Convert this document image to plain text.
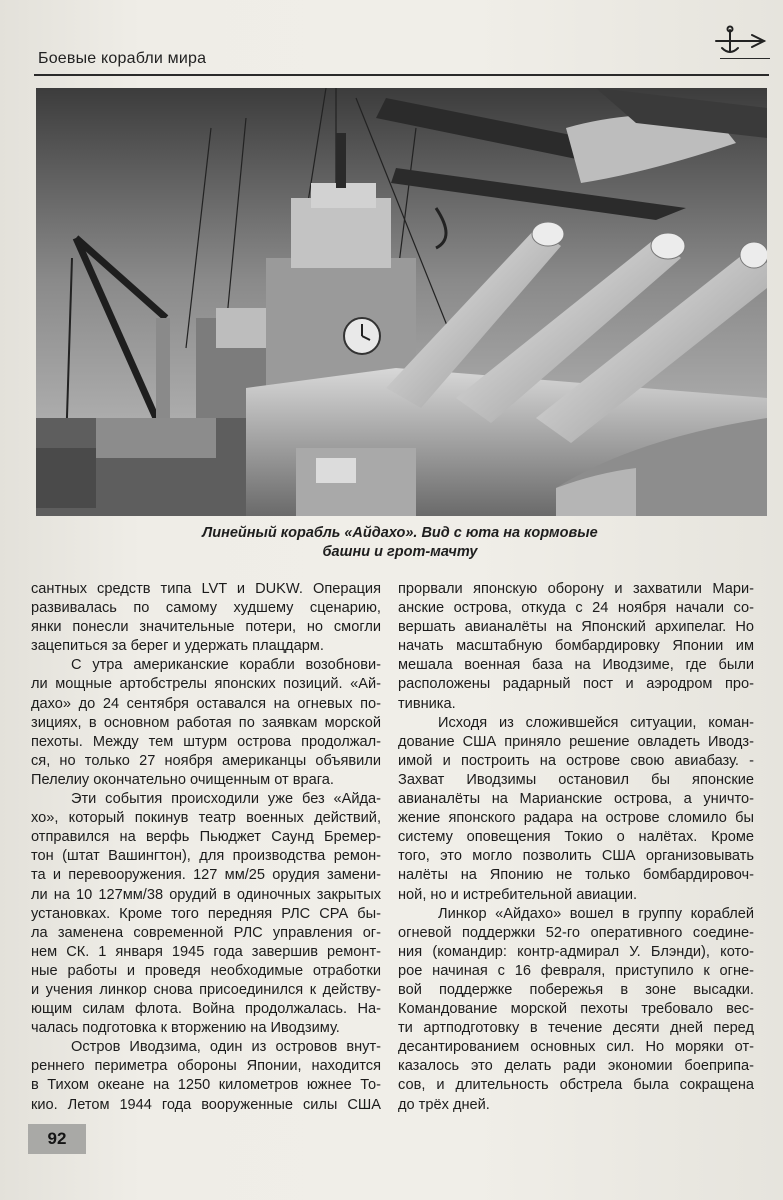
Боевые корабли мира
Линейный корабль «Айдахо». Вид с юта на кормовые
башни и грот-мачту

сантных средств типа LVT и DUKW. Операция

развивалась по самому худшему сценарию,

янки понесли значительные потери, но смогли

зацепиться за берег и удержать плацдарм.

С утра американские корабли возобнови-

ли мощные артобстрелы японских позиций. «Ай-

дахо» до 24 сентября оставался на огневых по-

зициях, в основном работая по заявкам морской

пехоты. Между тем штурм острова продолжал-

ся, но только 27 ноября американцы объявили

Пелелиу окончательно очищенным от врага.

Эти события происходили уже без «Айда-

хо», который покинув театр военных действий,

отправился на верфь Пьюджет Саунд Бремер-

тон (штат Вашингтон), для производства ремон-

та и перевооружения. 127 мм/25 орудия замени-

ли на 10 127мм/38 орудий в одиночных закрытых

установках. Кроме того передняя РЛС СРА бы-

ла заменена современной РЛС управления ог-

нем СК. 1 января 1945 года завершив ремонт-

ные работы и проведя необходимые отработки

и учения линкор снова присоединился к действу-

ющим силам флота. Война продолжалась. На-

чалась подготовка к вторжению на Иводзиму.

Остров Иводзима, один из островов внут-

реннего периметра обороны Японии, находится

в Тихом океане на 1250 километров южнее То-

кио. Летом 1944 года вооруженные силы США

прорвали японскую оборону и захватили Мари-

анские острова, откуда с 24 ноября начали со-

вершать авианалёты на Японский архипелаг. Но

начать масштабную бомбардировку Японии им

мешала военная база на Иводзиме, где были

расположены радарный пост и аэродром про-

тивника.

Исходя из сложившейся ситуации, коман-

дование США приняло решение овладеть Иводз-

имой и построить на острове свою авиабазу. -

Захват Иводзимы остановил бы японские

авианалёты на Марианские острова, а уничто-

жение японского радара на острове сломило бы

систему оповещения Токио о налётах. Кроме

того, это могло позволить США организовывать

налёты на Японию не только бомбардировоч-

ной, но и истребительной авиации.

Линкор «Айдахо» вошел в группу кораблей

огневой поддержки 52-го оперативного соедине-

ния (командир: контр-адмирал У. Блэнди), кото-

рое начиная с 16 февраля, приступило к огне-

вой поддержке побережья в зоне высадки.

Командование морской пехоты требовало вес-

ти артподготовку в течение десяти дней перед

десантированием основных сил. Но моряки от-

казалось это делать ради экономии боеприпа-

сов, и длительность обстрела была сокращена

до трёх дней.

92
